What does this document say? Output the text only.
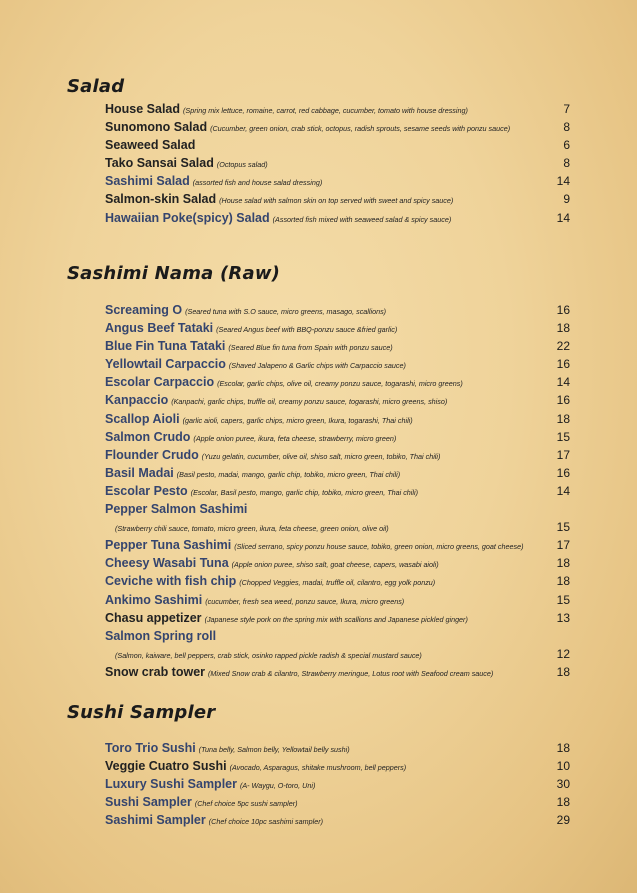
Salad
House Salad (Spring mix lettuce, romaine, carrot, red cabbage, cucumber, tomato with house dressing)	7
Sunomono Salad (Cucumber, green onion, crab stick, octopus, radish sprouts, sesame seeds with ponzu sauce)	8
Seaweed Salad	6
Tako Sansai Salad (Octopus salad)	8
Sashimi Salad (assorted fish and house salad dressing)	14
Salmon-skin Salad (House salad with salmon skin on top served with sweet and spicy sauce)	9
Hawaiian Poke(spicy) Salad (Assorted fish mixed with seaweed salad & spicy sauce)	14
Sashimi Nama (Raw)
Screaming O (Seared tuna with S.O sauce, micro greens, masago, scallions)	16
Angus Beef Tataki (Seared Angus beef with BBQ-ponzu sauce &fried garlic)	18
Blue Fin Tuna Tataki (Seared Blue fin tuna from Spain with ponzu sauce)	22
Yellowtail Carpaccio (Shaved Jalapeno & Garlic chips with Carpaccio sauce)	16
Escolar Carpaccio (Escolar, garlic chips, olive oil, creamy ponzu sauce, togarashi, micro greens)	14
Kanpaccio (Kanpachi, garlic chips, truffle oil, creamy ponzu sauce, togarashi, micro greens, shiso)	16
Scallop Aioli (garlic aioli, capers, garlic chips, micro green, Ikura, togarashi, Thai chili)	18
Salmon Crudo (Apple onion puree, ikura, feta cheese, strawberry, micro green)	15
Flounder Crudo (Yuzu gelatin, cucumber, olive oil, shiso salt, micro green, tobiko, Thai chili)	17
Basil Madai (Basil pesto, madai, mango, garlic chip, tobiko, micro green, Thai chili)	16
Escolar Pesto (Escolar, Basil pesto, mango, garlic chip, tobiko, micro green, Thai chili)	14
Pepper Salmon Sashimi
(Strawberry chili sauce, tomato, micro green, ikura, feta cheese, green onion, olive oil)	15
Pepper Tuna Sashimi (Sliced serrano, spicy ponzu house sauce, tobiko, green onion, micro greens, goat cheese)	17
Cheesy Wasabi Tuna (Apple onion puree, shiso salt, goat cheese, capers, wasabi aioli)	18
Ceviche with fish chip (Chopped Veggies, madai, truffle oil, cilantro, egg yolk ponzu)	18
Ankimo Sashimi (cucumber, fresh sea weed, ponzu sauce, Ikura, micro greens)	15
Chasu appetizer (Japanese style pork on the spring mix with scallions and Japanese pickled ginger)	13
Salmon Spring roll
(Salmon, kaiware, bell peppers, crab stick, osinko rapped pickle radish & special mustard sauce)	12
Snow crab tower (Mixed Snow crab & cilantro, Strawberry meringue, Lotus root with Seafood cream sauce)	18
Sushi Sampler
Toro Trio Sushi (Tuna belly, Salmon belly, Yellowtail belly sushi)	18
Veggie Cuatro Sushi (Avocado, Asparagus, shitake mushroom, bell peppers)	10
Luxury Sushi Sampler (A- Waygu, O-toro, Uni)	30
Sushi Sampler (Chef choice 5pc sushi sampler)	18
Sashimi Sampler (Chef choice 10pc sashimi sampler)	29
